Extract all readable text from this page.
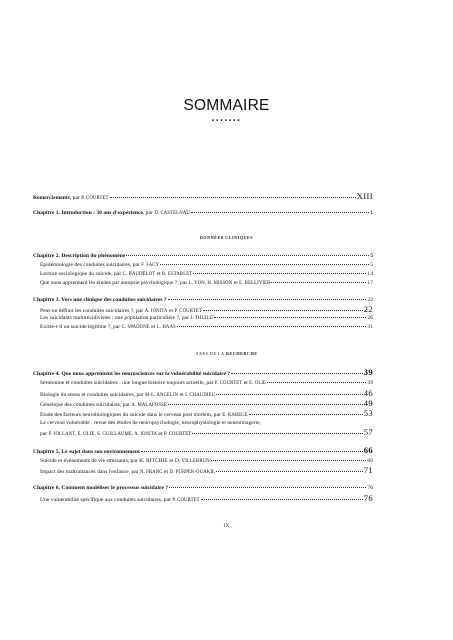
SOMMAIRE
.......
Remerciements, par P. COURTET	XIII
Chapitre 1. Introduction : 30 ans d'expérience, par D. CASTELNAU	1
DONNÉES CLINIQUES
Chapitre 2. Description du phénomène	5
Epidémiologie des conduites suicidaires, par F. FACY	5
Lecture sociologique du suicide, par C. BAUDELOT et R. ESTABLET	14
Que nous apprennent les études par autopsie psychologique ?, par L. YON, H. MISSON et E. BELLIVIER	17
Chapitre 3. Vers une clinique des conduites suicidaires ?	22
Peut-on définir les conduites suicidaires ?, par A. IONITA et P. COURTET	22
Les suicidants multirécidivistes : une population particulière ?, par J. THUILE	26
Existe-t-il un suicide légitime ?, par C. SPADONE et L. HAAS	31
AXES DE LA RECHERCHE
Chapitre 4. Que nous apprennent les neurosciences sur la vulnérabilité suicidaire ?	39
Sérotonine et conduites suicidaires : une longue histoire toujours actuelle, par P. COURTET et E. OLIÉ	39
Biologie du stress et conduites suicidaires, par M-L. ANCELIN et I. CHAUDIEU	46
Génétique des conduites suicidaires, par A. MALAFOSSE	49
Étude des facteurs neurobiologiques du suicide dans le cerveau post mortem, par E. KAREGE	53
Le cerveau vulnérable : revue des études de neuropsychologie, neurophysiologie et neuroimagerie,
par F. JOLLANT, E. OLIÉ, S. GUILLAUME, A. IONITA et P. COURTET	57
Chapitre 5. Le sujet dans son environnement	66
Suicide et évènements de vie stressants, par K. RITCHIE et D. VILLEBRUN	66
Impact des maltraitances dans l'enfance, par N. FRANC et D. PURPER-OUAKIL	71
Chapitre 6. Comment modéliser le processus suicidaire ?	76
Une vulnérabilité spécifique aux conduites suicidaires, par P. COURTET	76
IX
